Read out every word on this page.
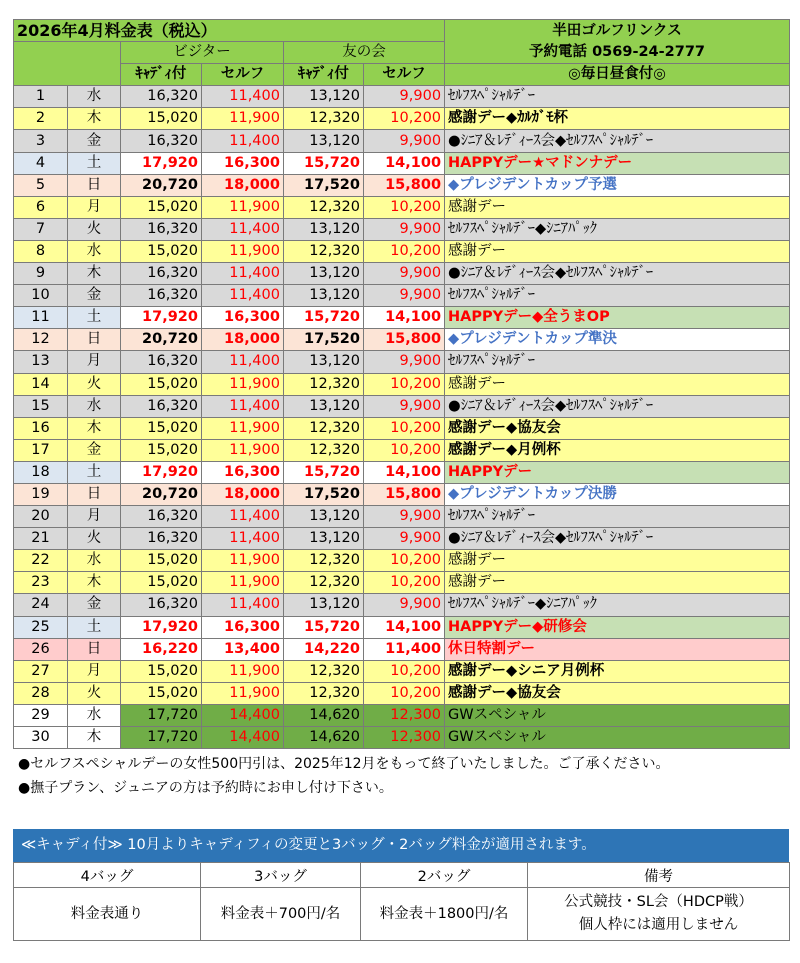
2026年4月料金表（税込）						半田ゴルフリンクス
予約電話 0569-24-2777

		ビジター		友の会		
		ｷｬﾃﾞｨ付	セルフ	ｷｬﾃﾞｨ付	セルフ	◎毎日昼食付◎
1	水	16,320	11,400	13,120	9,900	ｾﾙﾌｽﾍﾟｼｬﾙﾃﾞｰ
2	木	15,020	11,900	12,320	10,200	感謝デー◆ｶﾙｶﾞﾓ杯
3	金	16,320	11,400	13,120	9,900	●ｼﾆｱ＆ﾚﾃﾞｨｰｽ会◆ｾﾙﾌｽﾍﾟｼｬﾙﾃﾞｰ
4	土	17,920	16,300	15,720	14,100	HAPPYデー★マドンナデー
5	日	20,720	18,000	17,520	15,800	◆プレジデントカップ予選
6	月	15,020	11,900	12,320	10,200	感謝デー
7	火	16,320	11,400	13,120	9,900	ｾﾙﾌｽﾍﾟｼｬﾙﾃﾞｰ◆ｼﾆｱﾊﾟｯｸ
8	水	15,020	11,900	12,320	10,200	感謝デー
9	木	16,320	11,400	13,120	9,900	●ｼﾆｱ＆ﾚﾃﾞｨｰｽ会◆ｾﾙﾌｽﾍﾟｼｬﾙﾃﾞｰ
10	金	16,320	11,400	13,120	9,900	ｾﾙﾌｽﾍﾟｼｬﾙﾃﾞｰ
11	土	17,920	16,300	15,720	14,100	HAPPYデー◆全うまOP
12	日	20,720	18,000	17,520	15,800	◆プレジデントカップ準決
13	月	16,320	11,400	13,120	9,900	ｾﾙﾌｽﾍﾟｼｬﾙﾃﾞｰ
14	火	15,020	11,900	12,320	10,200	感謝デー
15	水	16,320	11,400	13,120	9,900	●ｼﾆｱ＆ﾚﾃﾞｨｰｽ会◆ｾﾙﾌｽﾍﾟｼｬﾙﾃﾞｰ
16	木	15,020	11,900	12,320	10,200	感謝デー◆協友会
17	金	15,020	11,900	12,320	10,200	感謝デー◆月例杯
18	土	17,920	16,300	15,720	14,100	HAPPYデー
19	日	20,720	18,000	17,520	15,800	◆プレジデントカップ決勝
20	月	16,320	11,400	13,120	9,900	ｾﾙﾌｽﾍﾟｼｬﾙﾃﾞｰ
21	火	16,320	11,400	13,120	9,900	●ｼﾆｱ＆ﾚﾃﾞｨｰｽ会◆ｾﾙﾌｽﾍﾟｼｬﾙﾃﾞｰ
22	水	15,020	11,900	12,320	10,200	感謝デー
23	木	15,020	11,900	12,320	10,200	感謝デー
24	金	16,320	11,400	13,120	9,900	ｾﾙﾌｽﾍﾟｼｬﾙﾃﾞｰ◆ｼﾆｱﾊﾟｯｸ
25	土	17,920	16,300	15,720	14,100	HAPPYデー◆研修会
26	日	16,220	13,400	14,220	11,400	休日特割デー
27	月	15,020	11,900	12,320	10,200	感謝デー◆シニア月例杯
28	火	15,020	11,900	12,320	10,200	感謝デー◆協友会
29	水	17,720	14,400	14,620	12,300	GWスペシャル
30	木	17,720	14,400	14,620	12,300	GWスペシャル
●セルフスペシャルデーの女性500円引は、2025年12月をもって終了いたしました。ご了承ください。
●撫子プラン、ジュニアの方は予約時にお申し付け下さい。
≪キャディ付≫ 10月よりキャディフィの変更と3バッグ・2バッグ料金が適用されます。
4バッグ	3バッグ	2バッグ	備考
料金表通り	料金表＋700円/名	料金表＋1800円/名	公式競技・SL会（HDCP戦）
個人枠には適用しません
